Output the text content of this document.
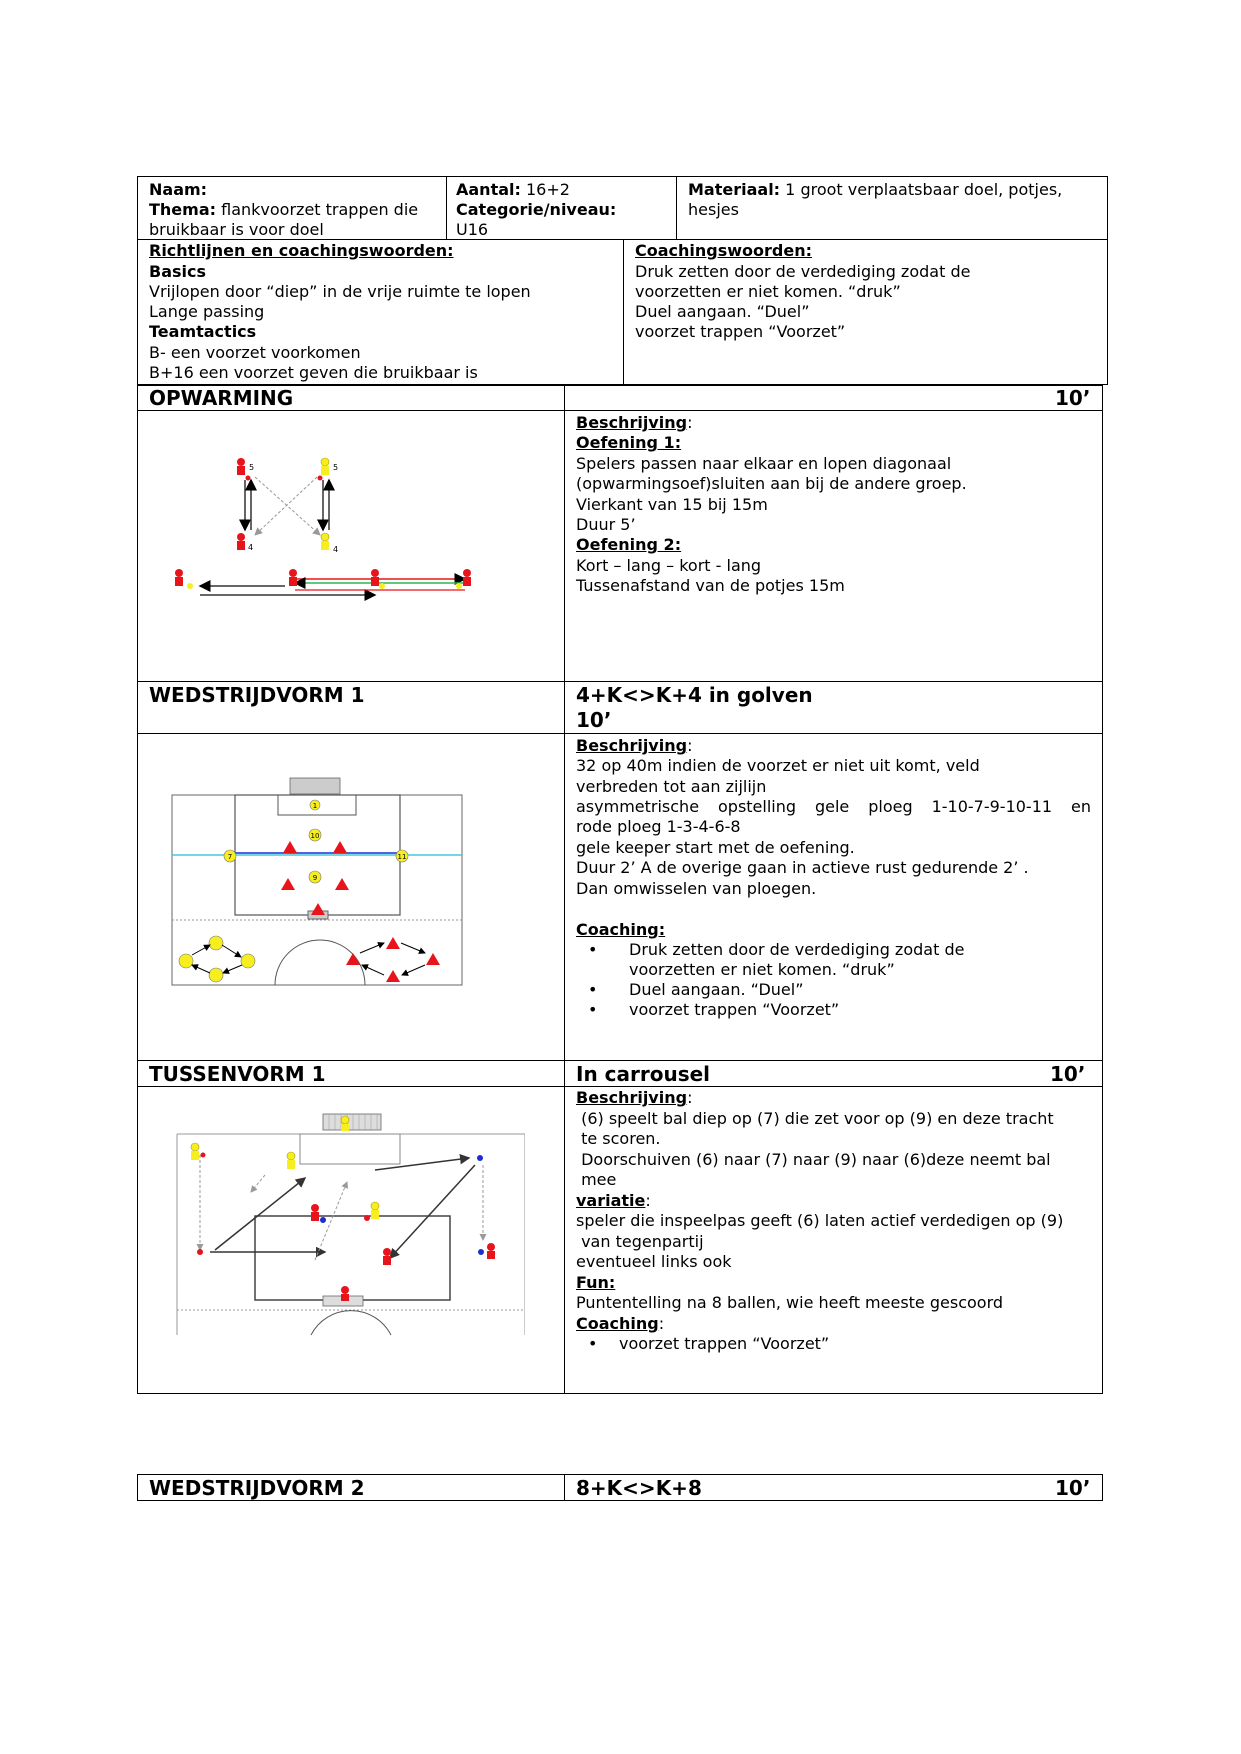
Naam:
Thema: flankvoorzet trappen die
bruikbaar is voor doel
Aantal: 16+2
Categorie/niveau:
U16
Materiaal: 1 groot verplaatsbaar doel, potjes,
hesjes
Richtlijnen en coachingswoorden:
Basics
Vrijlopen door “diep” in de vrije ruimte te lopen
Lange passing
Teamtactics
B- een voorzet voorkomen
B+16 een voorzet geven die bruikbaar is
Coachingswoorden:
Druk zetten door de verdediging zodat de
voorzetten er niet komen. “druk”
Duel aangaan. “Duel”
voorzet trappen “Voorzet”
OPWARMING	10’
Beschrijving:
Oefening 1:
Spelers passen naar elkaar en lopen diagonaal
(opwarmingsoef)sluiten aan bij de andere groep.
Vierkant van 15 bij 15m
Duur 5’
Oefening 2:
Kort – lang – kort - lang
Tussenafstand van de potjes 15m
5	5
4	4
WEDSTRIJDVORM 1	4+K<>K+4 in golven
10’
Beschrijving:
32 op 40m indien de voorzet er niet uit komt, veld
verbreden tot aan zijlijn
asymmetrische opstelling gele ploeg 1-10-7-9-10-11 en
rode ploeg 1-3-4-6-8
gele keeper start met de oefening.
Duur 2’ A de overige gaan in actieve rust gedurende 2’ .
Dan omwisselen van ploegen.
Coaching:
• Druk zetten door de verdediging zodat de
voorzetten er niet komen. “druk”
• Duel aangaan. “Duel”
• voorzet trappen “Voorzet”
1
10
7
9
11
TUSSENVORM 1	In carrousel	10’
Beschrijving:
(6) speelt bal diep op (7) die zet voor op (9) en deze tracht
te scoren.
Doorschuiven (6) naar (7) naar (9) naar (6)deze neemt bal
mee
variatie:
speler die inspeelpas geeft (6) laten actief verdedigen op (9)
van tegenpartij
eventueel links ook
Fun:
Puntentelling na 8 ballen, wie heeft meeste gescoord
Coaching:
• voorzet trappen “Voorzet”
WEDSTRIJDVORM 2	8+K<>K+8	10’
